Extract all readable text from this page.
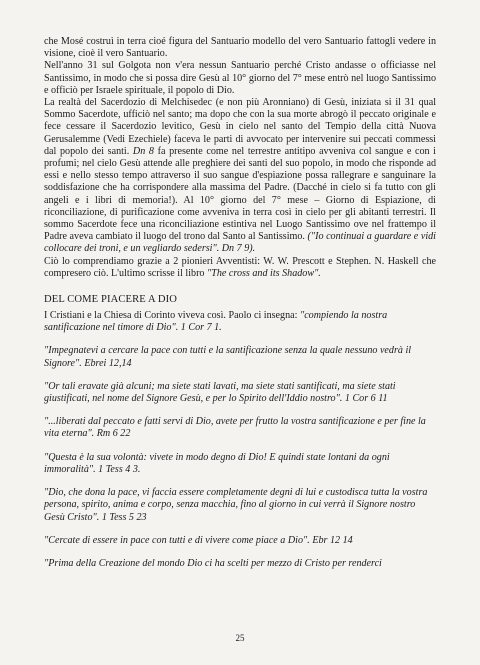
che Mosé costruì in terra cioé figura del Santuario modello del vero Santuario fattogli vedere in visione, cioè il vero Santuario.

Nell'anno 31 sul Golgota non v'era nessun Santuario perché Cristo andasse o officiasse nel Santissimo, in modo che si possa dire Gesù al 10° giorno del 7° mese entrò nel luogo Santissimo e officiò per Israele spirituale, il popolo di Dio.

La realtà del Sacerdozio di Melchisedec (e non più Aronniano) di Gesù, iniziata si il 31 qual Sommo Sacerdote, ufficiò nel santo; ma dopo che con la sua morte abrogò il peccato originale e fece cessare il Sacerdozio levitico, Gesù in cielo nel santo del Tempio della città Nuova Gerusalemme (Vedi Ezechiele) faceva le parti di avvocato per intervenire sui peccati commessi dal popolo dei santi. Dn 8 fa presente come nel terrestre antitipo avveniva col sangue e con i profumi; nel cielo Gesù attende alle preghiere dei santi del suo popolo, in modo che risponde ad essi e nello stesso tempo attraverso il suo sangue d'espiazione possa rallegrare e sanguinare la soddisfazione che ha corrispondere alla massima del Padre. (Dacché in cielo si fa tutto con gli angeli e i libri di memoria!). Al 10° giorno del 7° mese – Giorno di Espiazione, di riconciliazione, di purificazione come avveniva in terra così in cielo per gli abitanti terrestri. Il sommo Sacerdote fece una riconciliazione estintiva nel Luogo Santissimo ove nel frattempo il Padre aveva cambiato il luogo del trono dal Santo al Santissimo. ("Io continuai a guardare e vidi collocare dei troni, e un vegliardo sedersi". Dn 7 9).

Ciò lo comprendiamo grazie a 2 pionieri Avventisti: W. W. Prescott e Stephen. N. Haskell che compresero ciò. L'ultimo scrisse il libro "The cross and its Shadow".

DEL COME PIACERE A DIO

I Cristiani e la Chiesa di Corinto viveva così. Paolo ci insegna: "compiendo la nostra santificazione nel timore di Dio". 1 Cor 7 1.

"Impegnatevi a cercare la pace con tutti e la santificazione senza la quale nessuno vedrà il Signore". Ebrei 12,14

"Or tali eravate già alcuni; ma siete stati lavati, ma siete stati santificati, ma siete stati giustificati, nel nome del Signore Gesù, e per lo Spirito dell'Iddio nostro". 1 Cor 6 11

"...liberati dal peccato e fatti servi di Dio, avete per frutto la vostra santificazione e per fine la vita eterna". Rm 6 22

"Questa è la sua volontà: vivete in modo degno di Dio! E quindi state lontani da ogni immoralità". 1 Tess 4 3.

"Dio, che dona la pace, vi faccia essere completamente degni di lui e custodisca tutta la vostra persona, spirito, anima e corpo, senza macchia, fino al giorno in cui verrà il Signore nostro Gesù Cristo". 1 Tess 5 23

"Cercate di essere in pace con tutti e di vivere come piace a Dio". Ebr 12 14

"Prima della Creazione del mondo Dio ci ha scelti per mezzo di Cristo per renderci

25
